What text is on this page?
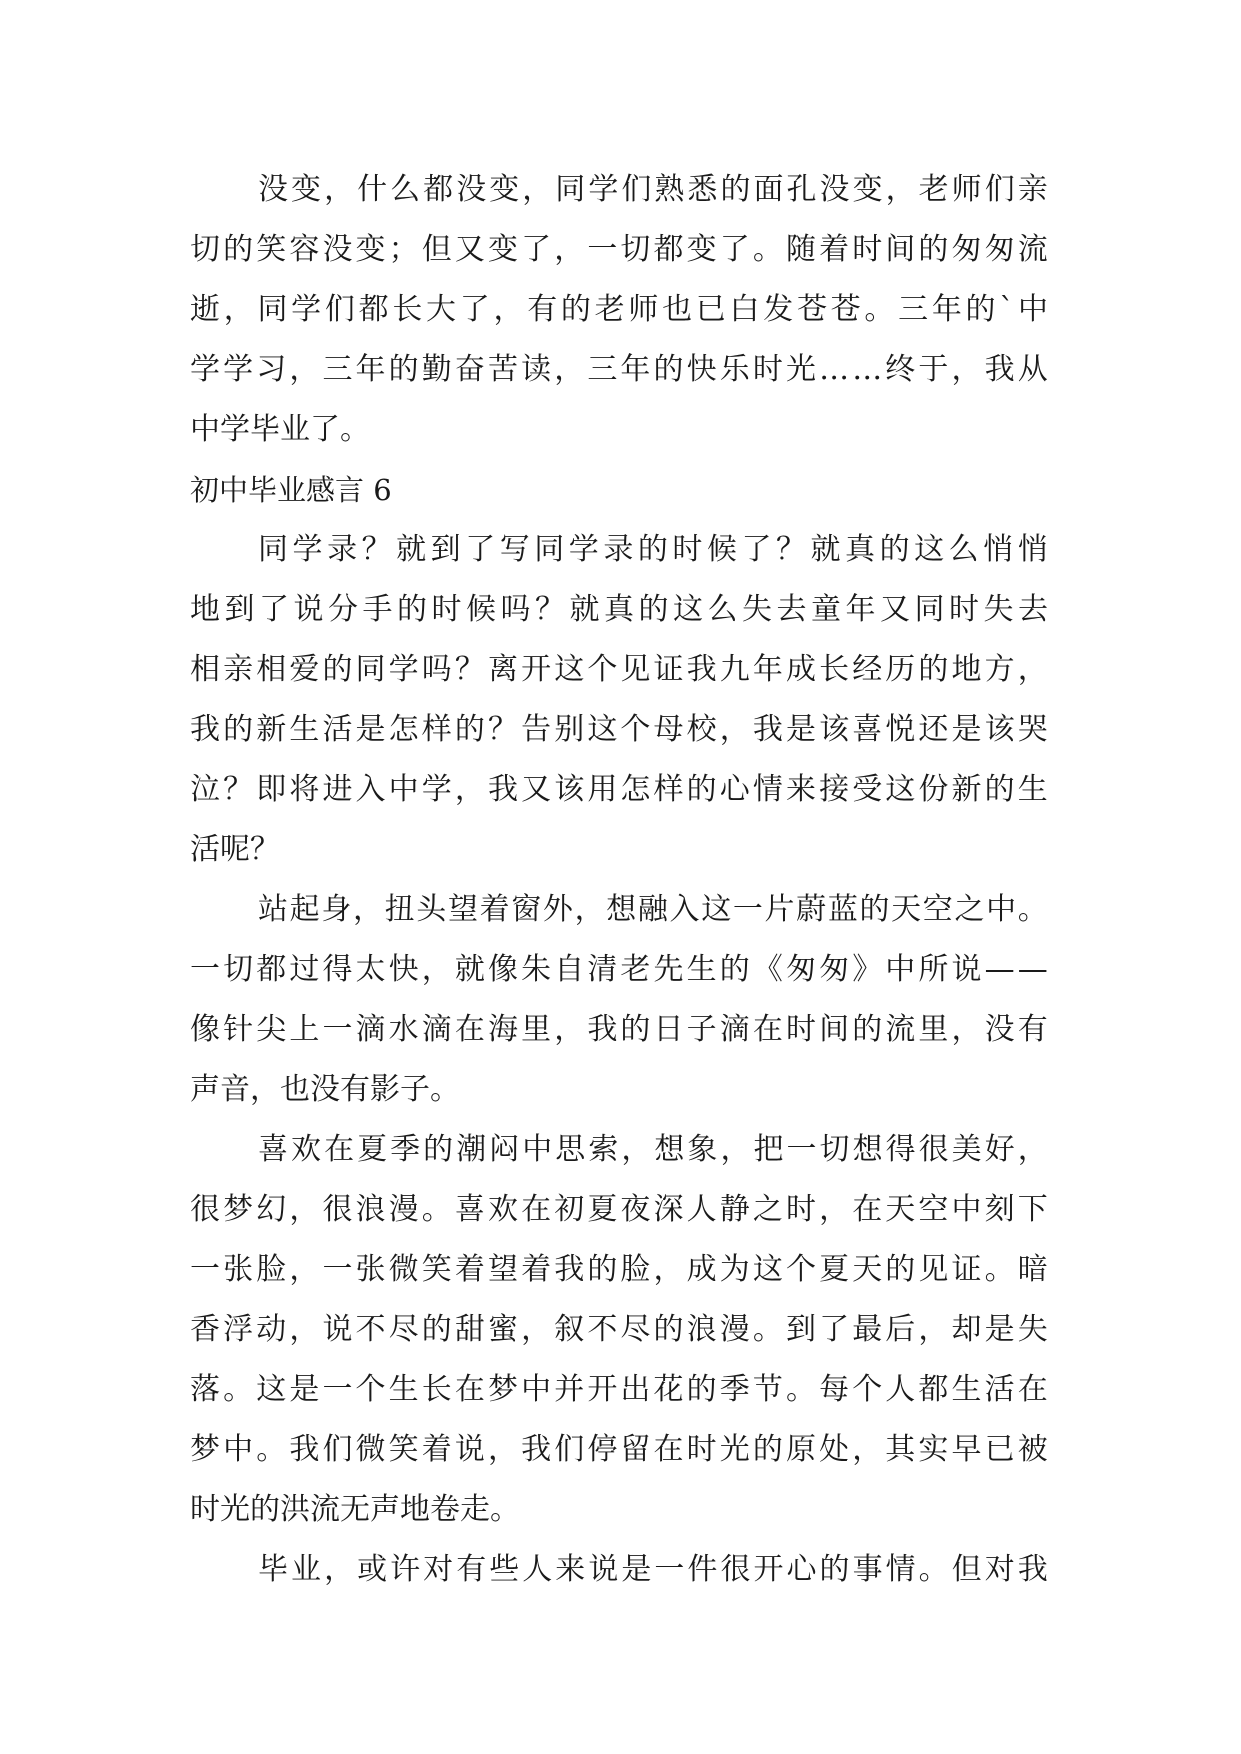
没 变 ， 什 么 都 没 变 ， 同 学 们 熟 悉 的 面 孔 没 变 ， 老 师 们 亲
切 的 笑 容 没 变 ； 但 又 变 了 ， 一 切 都 变 了 。 随 着 时 间 的 匆 匆 流
逝 ， 同 学 们 都 长 大 了 ， 有 的 老 师 也 已 白 发 苍 苍 。 三 年 的 ` 中
学 学 习 ， 三 年 的 勤 奋 苦 读 ， 三 年 的 快 乐 时 光 … … 终 于 ， 我 从
中 学 毕 业 了 。
初中毕业感言 6
同 学 录 ？ 就 到 了 写 同 学 录 的 时 候 了 ？ 就 真 的 这 么 悄 悄
地 到 了 说 分 手 的 时 候 吗 ？ 就 真 的 这 么 失 去 童 年 又 同 时 失 去
相 亲 相 爱 的 同 学 吗 ？ 离 开 这 个 见 证 我 九 年 成 长 经 历 的 地 方 ，
我 的 新 生 活 是 怎 样 的 ？ 告 别 这 个 母 校 ， 我 是 该 喜 悦 还 是 该 哭
泣 ？ 即 将 进 入 中 学 ， 我 又 该 用 怎 样 的 心 情 来 接 受 这 份 新 的 生
活 呢 ？
站 起 身 ， 扭 头 望 着 窗 外 ， 想 融 入 这 一 片 蔚 蓝 的 天 空 之 中 。
一 切 都 过 得 太 快 ， 就 像 朱 自 清 老 先 生 的 《 匆 匆 》 中 所 说 — —
像 针 尖 上 一 滴 水 滴 在 海 里 ， 我 的 日 子 滴 在 时 间 的 流 里 ， 没 有
声 音 ， 也 没 有 影 子 。
喜 欢 在 夏 季 的 潮 闷 中 思 索 ， 想 象 ， 把 一 切 想 得 很 美 好 ，
很 梦 幻 ， 很 浪 漫 。 喜 欢 在 初 夏 夜 深 人 静 之 时 ， 在 天 空 中 刻 下
一 张 脸 ， 一 张 微 笑 着 望 着 我 的 脸 ， 成 为 这 个 夏 天 的 见 证 。 暗
香 浮 动 ， 说 不 尽 的 甜 蜜 ， 叙 不 尽 的 浪 漫 。 到 了 最 后 ， 却 是 失
落 。 这 是 一 个 生 长 在 梦 中 并 开 出 花 的 季 节 。 每 个 人 都 生 活 在
梦 中 。 我 们 微 笑 着 说 ， 我 们 停 留 在 时 光 的 原 处 ， 其 实 早 已 被
时 光 的 洪 流 无 声 地 卷 走 。
毕 业 ， 或 许 对 有 些 人 来 说 是 一 件 很 开 心 的 事 情 。 但 对 我
